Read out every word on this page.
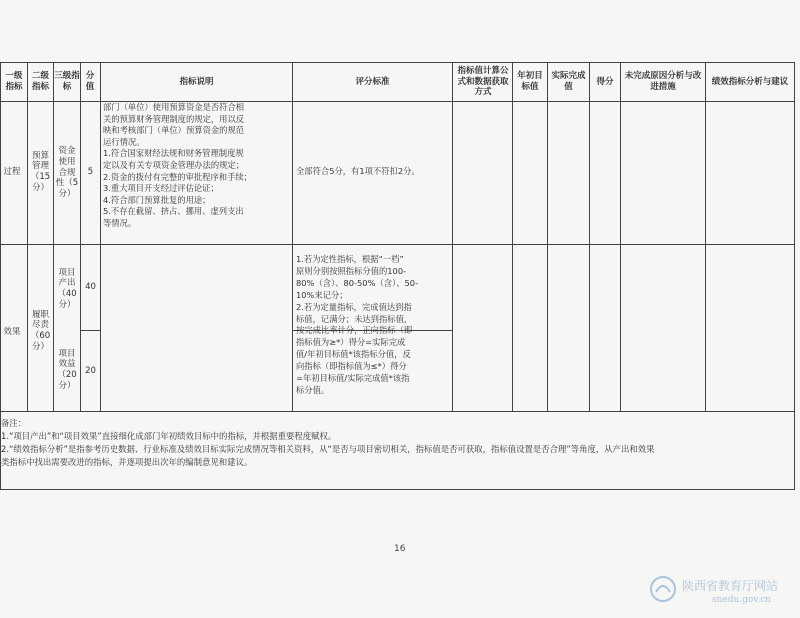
一级指标
二级指标
三级指标
分值
指标说明	评分标准
指标值计算公式和数据获取方式
年初目标值
实际完成值
得分
未完成原因分析与改进措施
绩效指标分析与建议
过程
预算管理（15分）
资金使用合规性（5分）
5
部门（单位）使用预算资金是否符合相
关的预算财务管理制度的规定，用以反
映和考核部门（单位）预算资金的规范
运行情况。
1.符合国家财经法规和财务管理制度规
定以及有关专项资金管理办法的规定；
2.资金的拨付有完整的审批程序和手续；
3.重大项目开支经过评估论证；
4.符合部门预算批复的用途；
5.不存在截留、挤占、挪用、虚列支出
等情况。
全部符合5分，有1项不符扣2分。
效果
履职尽责（60分）
项目产出（40分）
40
项目效益（20分）
20
1.若为定性指标，根据“一档”
原则分别按照指标分值的100-
80%（含）、80-50%（含）、50-
10%来记分；
2.若为定量指标，完成值达到指
标值，记满分；未达到指标值，
按完成比率计分，正向指标（即
指标值为≥*）得分=实际完成
值/年初目标值*该指标分值，反
向指标（即指标值为≤*）得分
=年初目标值/实际完成值*该指
标分值。
备注：
1.“项目产出”和“项目效果”直接细化成部门年初绩效目标中的指标，并根据重要程度赋权。
2.“绩效指标分析”是指参考历史数据、行业标准及绩效目标实际完成情况等相关资料，从“是否与项目密切相关，指标值是否可获取，指标值设置是否合理”等角度，从产出和效果
类指标中找出需要改进的指标，并逐项提出次年的编制意见和建议。
16
陕西省教育厅网站
snedu.gov.cn
